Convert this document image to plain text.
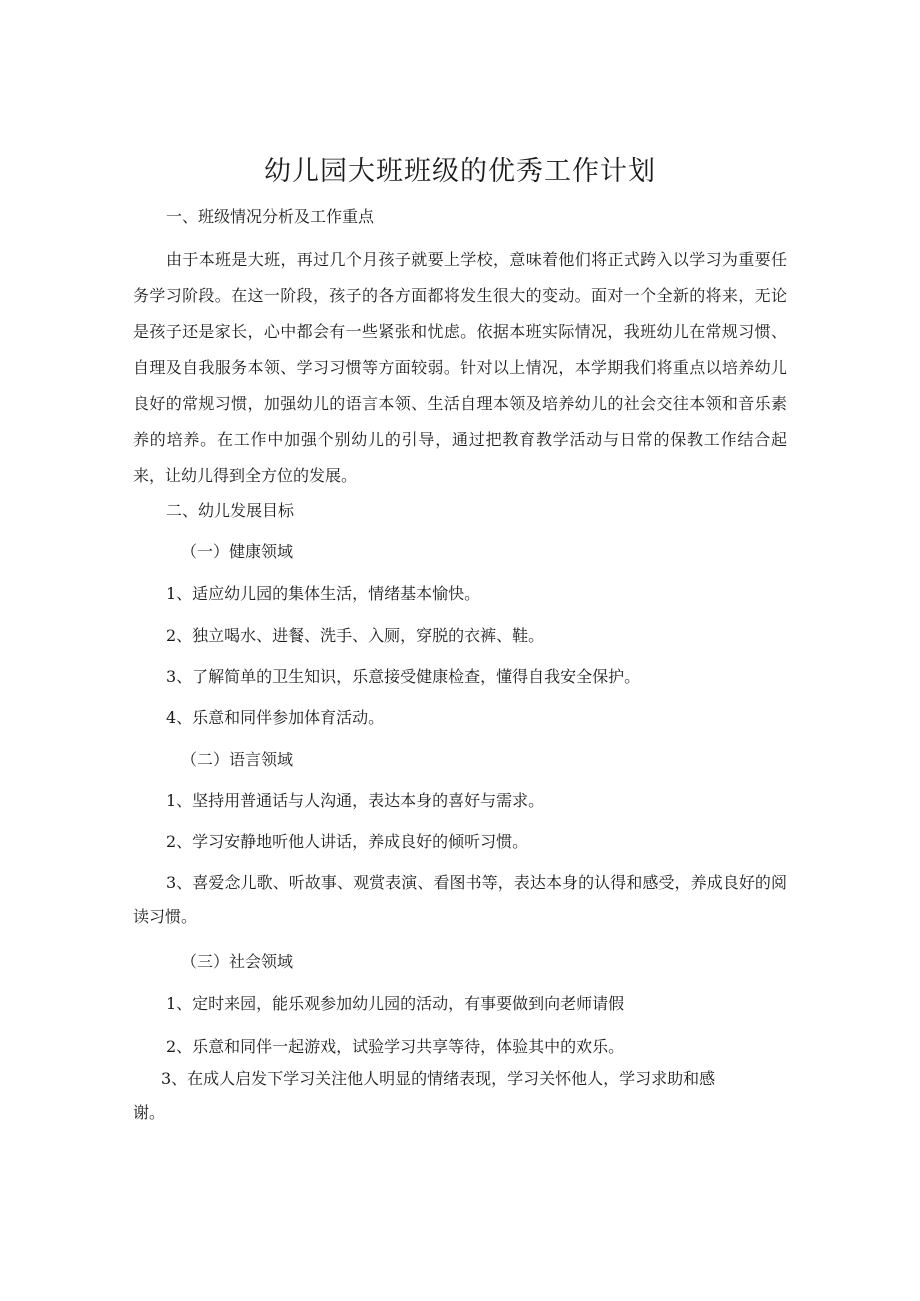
幼儿园大班班级的优秀工作计划
一、班级情况分析及工作重点

由于本班是大班，再过几个月孩子就要上学校，意味着他们将正式跨入以学习为重要任务学习阶段。在这一阶段，孩子的各方面都将发生很大的变动。面对一个全新的将来，无论是孩子还是家长，心中都会有一些紧张和忧虑。依据本班实际情况，我班幼儿在常规习惯、自理及自我服务本领、学习习惯等方面较弱。针对以上情况，本学期我们将重点以培养幼儿良好的常规习惯，加强幼儿的语言本领、生活自理本领及培养幼儿的社会交往本领和音乐素养的培养。在工作中加强个别幼儿的引导，通过把教育教学活动与日常的保教工作结合起来，让幼儿得到全方位的发展。

二、幼儿发展目标
（一）健康领域
1、适应幼儿园的集体生活，情绪基本愉快。
2、独立喝水、进餐、洗手、入厕，穿脱的衣裤、鞋。
3、了解简单的卫生知识，乐意接受健康检查，懂得自我安全保护。
4、乐意和同伴参加体育活动。
（二）语言领域
1、坚持用普通话与人沟通，表达本身的喜好与需求。
2、学习安静地听他人讲话，养成良好的倾听习惯。

3、喜爱念儿歌、听故事、观赏表演、看图书等，表达本身的认得和感受，养成良好的阅读习惯。

（三）社会领域
1、定时来园，能乐观参加幼儿园的活动，有事要做到向老师请假
2、乐意和同伴一起游戏，试验学习共享等待，体验其中的欢乐。

3、在成人启发下学习关注他人明显的情绪表现，学习关怀他人，学习求助和感谢。
